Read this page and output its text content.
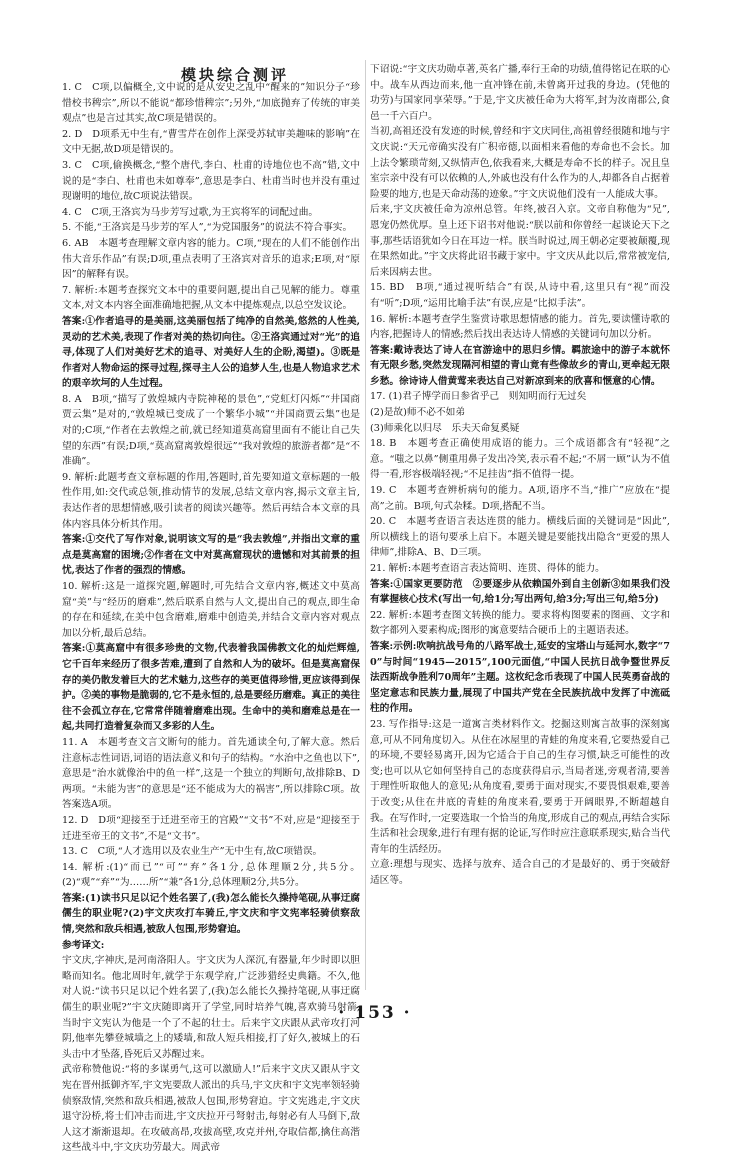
模块综合测评

1. C　C项,以偏概全,文中说的是从安史之乱中“醒来的”知识分子“珍惜校书稗宗”,所以不能说“都珍惜稗宗”;另外,“加底抛弃了传统的审美观点”也是言过其实,故C项是错误的。

2. D　D项系无中生有,“曹雪芹在创作上深受苏轼审美趣味的影响”在文中无据,故D项是错误的。

3. C　C项,偷换概念,“整个唐代,李白、杜甫的诗地位也不高”错,文中说的是“李白、杜甫也未如尊奉”,意思是李白、杜甫当时也并没有重过现谢明的地位,故C项说法错误。

4. C　C项,王洛宾为马步芳写过歌,为王宾将军的词配过曲。

5. 不能,“王洛宾是马步芳的军人”,“为党国服务”的说法不符合事实。

6. AB　本题考查理解文章内容的能力。C项,“现在的人们不能创作出伟大音乐作品”有误;D项,重点表明了王洛宾对音乐的追求;E项,对“原因”的解释有误。

7. 解析:本题考查探究文本中的重要问题,提出自己见解的能力。尊重文本,对文本内容全面准确地把握,从文本中提炼观点,以总空发议论。

答案:①作者追寻的是美丽,这美丽包括了纯净的自然美,悠然的人性美,灵动的艺术美,表现了作者对美的热切向往。②王洛宾通过对“光”的追寻,体现了人们对美好艺术的追寻、对美好人生的企盼,渴望)。③既是作者对人物命运的探寻过程,探寻主人公的追梦人生,也是人物追求艺术的艰辛坎坷的人生过程。

8. A　B项,“描写了敦煌城内寺院神秘的景色”,“党虹灯闪烁”“井国商贾云集”是对的,“敦煌城已变成了一个繁华小城”“并国商贾云集”也是对的;C项,“作者在去敦煌之前,就已经知道莫高窟里面有不能让自己失望的东西”有误;D项,“莫高窟离敦煌很远”“我对敦煌的旅游者都”是“不准确”。

9. 解析:此题考查文章标题的作用,答题时,首先要知道文章标题的一般性作用,如:交代或总领,推动情节的发展,总结文章内容,揭示文章主旨,表达作者的思想情感,吸引读者的阅读兴趣等。然后再结合本文章的具体内容具体分析其作用。

答案:①交代了写作对象,说明该文写的是“我去敦煌”,并指出文章的重点是莫高窟的困境;②作者在文中对莫高窟现状的遗憾和对其前景的担忧,表达了作者的强烈的情感。

10. 解析:这是一道探究题,解题时,可先结合文章内容,概述文中莫高窟“美”与“经历的磨难”,然后联系自然与人文,提出自己的观点,即生命的存在和延续,在美中包含磨难,磨难中创造美,并结合文章内容对观点加以分析,最后总结。

答案:①莫高窟中有很多珍贵的文物,代表着我国佛教文化的灿烂辉煌,它千百年来经历了很多苦难,遭到了自然和人为的破坏。但是莫高窟保存的美仍散发着巨大的艺术魅力,这些存的美更值得珍惜,更应该得到保护。②美的事物是脆弱的,它不是永恒的,总是要经历磨难。真正的美往往不会孤立存在,它常常伴随着磨难出现。生命中的美和磨难总是在一起,共同打造着复杂而又多彩的人生。

11. A　本题考查文言文断句的能力。首先通读全句,了解大意。然后注意标志性词语,词语的语法意义和句子的结构。“水治中之鱼也以下”,意思是“治水就像治中的鱼一样”,这是一个独立的判断句,故排除B、D两项。“未能为害”的意思是“还不能成为大的祸害”,所以排除C项。故答案选A项。

12. D　D项“迎接至于迁进至帝王的宫殿”“文书”不对,应是“迎接至于迁进至帝王的文书”,不是“文书”。

13. C　C项,“人才选用以及农业生产”无中生有,故C项错误。

14. 解析:(1)“而已”“可”“弃”各1分,总体理顺2分,共5分。(2)“观”“弃”“为……所”“兼”各1分,总体理顺2分,共5分。

答案:(1)读书只足以记个姓名罢了,(我)怎么能长久操持笔砚,从事迂腐儒生的职业呢?(2)宇文庆攻打车骑丘,宇文庆和宇文宪率轻骑侦察敌情,突然和敌兵相遇,被敌人包围,形势窘迫。

参考译文:

宇文庆,字神庆,是河南洛阳人。宇文庆为人深沉,有器量,年少时即以胆略而知名。他北周时年,就学于东观学府,广泛涉猎经史典籍。不久,他对人说:“读书只足以记个姓名罢了,(我)怎么能长久操持笔砚,从事迂腐儒生的职业呢?”宇文庆随即离开了学堂,同时培养气魄,喜欢骑马射箭,当时宇文宪认为他是一个了不起的壮士。后来宇文庆跟从武帝攻打河阴,他率先攀登城墙之上的矮墙,和敌人短兵相接,打了好久,被城上的石头击中才坠落,昏死后又苏醒过来。

武帝称赞他说:“将的多谋勇气,这可以激励人!”后来宇文庆又跟从宇文宪在晋州抵御齐军,宇文宪要敌人派出的兵马,宇文庆和宇文宪率领轻骑侦察敌情,突然和敌兵相遇,被敌人包围,形势窘迫。宇文宪逃走,宇文庆退守汾桥,将士们冲击而进,宇文庆拉开弓弩射击,每射必有人马倒下,敌人这才渐渐退却。在攻破高昂,攻拔高壁,攻克并州,夺取信都,擒住高湝这些战斗中,宇文庆功劳最大。周武帝

下诏说:“宇文庆功勋卓著,英名广播,奉行王命的功绩,值得铭记在联的心中。战车从西边而来,他一直冲锋在前,未曾离开过我的身边。(凭他的功劳)与国家同享荣辱。”于是,宇文庆被任命为大将军,封为汝南郡公,食邑一千六百户。

当初,高祖还没有发迹的时候,曾经和宇文庆同住,高祖曾经很随和地与宇文庆说:“天元帝确实没有广积帝德,以面相来看他的寿命也不会长。加上法令繁琐苛刻,又纵情声色,依我看来,大概是寿命不长的样子。况且皇室宗亲中没有可以依赖的人,外戚也没有什么作为的人,却都各自占据着险要的地方,也是天命动荡的迹象。”宇文庆说他们没有一人能成大事。

后来,宇文庆被任命为凉州总管。年终,被召入京。文帝自称他为“兄”,恩宠仍然优厚。皇上还下诏书对他说:“朕以前和你曾经一起谈论天下之事,那些话语犹如今日在耳边一样。朕当时说过,周王朝必定要被颠覆,现在果然如此。”宇文庆将此诏书藏于家中。宇文庆从此以后,常常被宠信,后来因病去世。

15. BD　B项,“通过视听结合”有误,从诗中看,这里只有“视”而没有“听”;D项,“运用比喻手法”有误,应是“比拟手法”。

16. 解析:本题考查学生鉴赏诗歌思想情感的能力。首先,要读懂诗歌的内容,把握诗人的情感;然后找出表达诗人情感的关键词句加以分析。

答案:戴诗表达了诗人在官游途中的思归乡情。羁旅途中的游子本就怀有无限乡愁,突然发现隔河相望的青山竟有些像故乡的青山,更牵起无限乡愁。徐诗诗人借黄莺来表达自己对新凉到来的欣喜和惬意的心情。

17. (1)君子博学而日参省乎己　则知明而行无过矣

(2)是故)师不必不如弟

(3)师乘化以归尽　乐夫天命复奚疑

18. B　本题考查正确使用成语的能力。三个成语都含有“轻视”之意。“嗤之以鼻”侧重用鼻子发出冷笑,表示看不起;“不屑一顾”认为不值得一看,形容极端轻视;“不足挂齿”指不值得一提。

19. C　本题考查辨析病句的能力。A项,语序不当,“推广”应放在“提高”之前。B项,句式杂糅。D项,搭配不当。

20. C　本题考查语言表达连贯的能力。横线后面的关键词是“因此”,所以横线上的语句要承上启下。本题关键是要能找出隐含“更爱的黑人律师”,排除A、B、D三项。

21. 解析:本题考查语言表达简明、连贯、得体的能力。

答案:①国家更要防范　②要逐步从依赖国外到自主创新③如果我们没有掌握核心技术(写出一句,给1分;写出两句,给3分;写出三句,给5分)

22. 解析:本题考查图文转换的能力。要求将构图要素的图画、文字和数字都列入要素构成;图形的寓意要结合硬币上的主题语表述。

答案:示例:吹响抗战号角的八路军战士,延安的宝塔山与延河水,数字“70”与时间“1945—2015”,100元面值,“中国人民抗日战争暨世界反法西斯战争胜利70周年”主题。这枚纪念币表现了中国人民英勇奋战的坚定意志和民族力量,展现了中国共产党在全民族抗战中发挥了中流砥柱的作用。

23. 写作指导:这是一道寓言类材料作文。挖掘这则寓言故事的深刻寓意,可从不同角度切入。从住在冰屋里的青蛙的角度来看,它要热爱自己的环境,不要轻易离开,因为它适合于自己的生存习惯,缺乏可能性的改变;也可以从它如何坚持自己的态度获得启示,当局者迷,旁观者清,要善于理性听取他人的意见;从角度看,要勇于面对现实,不要畏惧艰难,要善于改变;从住在井底的青蛙的角度来看,要勇于开阔眼界,不断超越自我。在写作时,一定要选取一个恰当的角度,形成自己的观点,再结合实际生活和社会现象,进行有理有据的论证,写作时应注意联系现实,贴合当代青年的生活经历。

立意:理想与现实、选择与放弃、适合自己的才是最好的、勇于突破舒适区等。

· 153 ·
